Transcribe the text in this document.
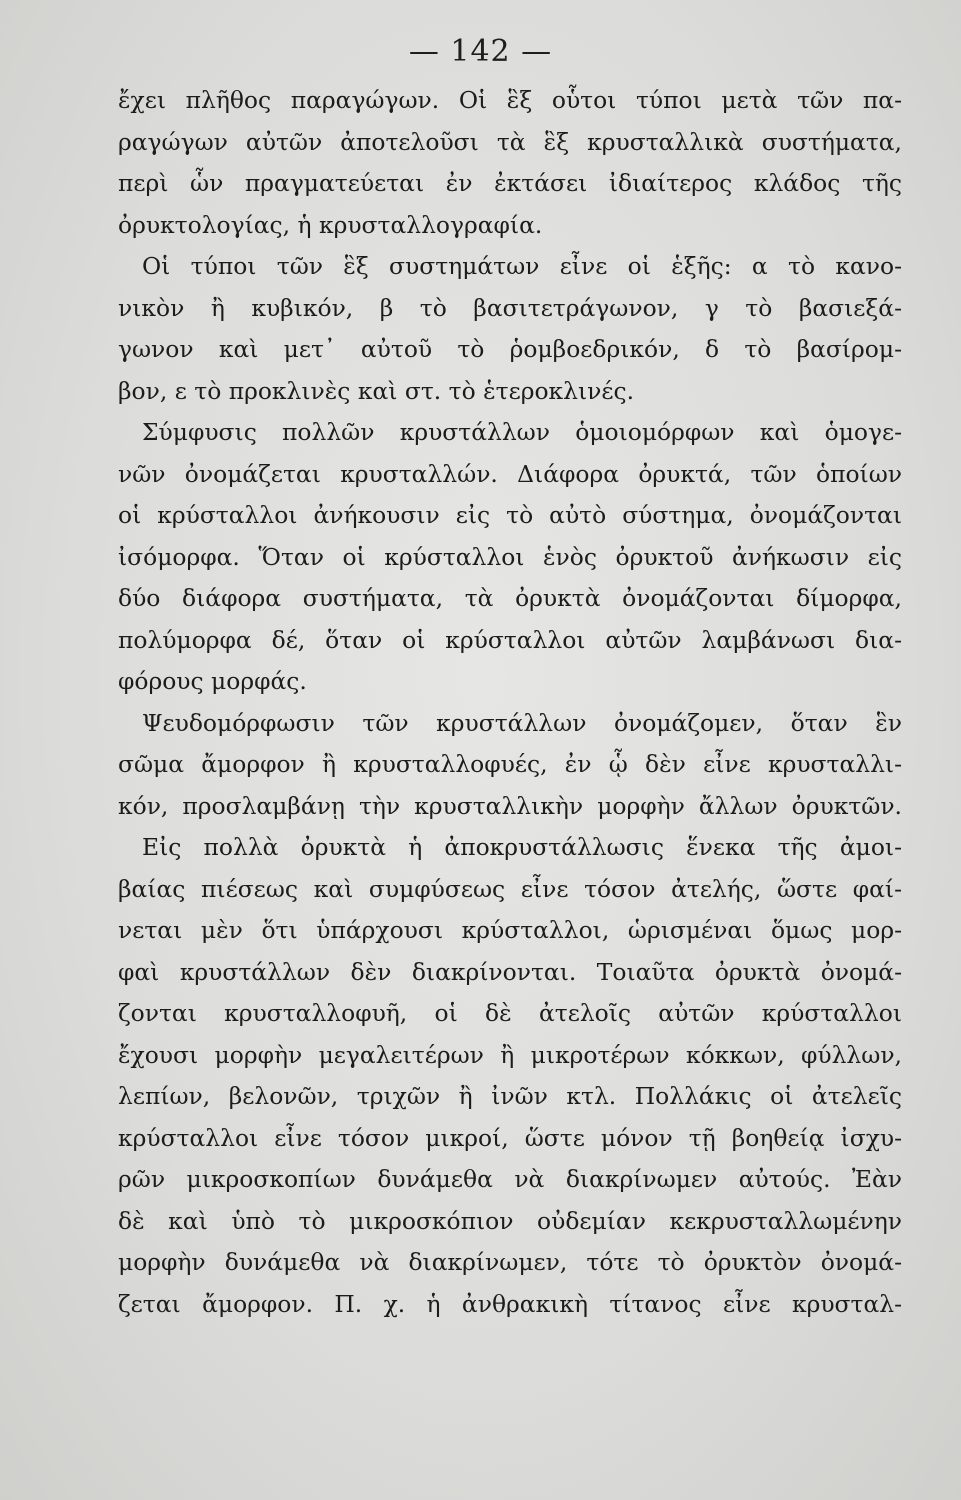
— 142 —
ἔχει πλῆθος παραγώγων. Οἱ ἓξ οὗτοι τύποι μετὰ τῶν πα-
ραγώγων αὐτῶν ἀποτελοῦσι τὰ ἓξ κρυσταλλικὰ συστήματα,
περὶ ὧν πραγματεύεται ἐν ἐκτάσει ἰδιαίτερος κλάδος τῆς
ὀρυκτολογίας, ἡ κρυσταλλογραφία.
Οἱ τύποι τῶν ἓξ συστημάτων εἶνε οἱ ἑξῆς: α τὸ κανο-
νικὸν ἢ κυβικόν, β τὸ βασιτετράγωνον, γ τὸ βασιεξά-
γωνον καὶ μετ᾽ αὐτοῦ τὸ ῥομβοεδρικόν, δ τὸ βασίρομ-
βον, ε τὸ προκλινὲς καὶ στ. τὸ ἑτεροκλινές.
Σύμφυσις πολλῶν κρυστάλλων ὁμοιομόρφων καὶ ὁμογε-
νῶν ὀνομάζεται κρυσταλλών. Διάφορα ὀρυκτά, τῶν ὁποίων
οἱ κρύσταλλοι ἀνήκουσιν εἰς τὸ αὐτὸ σύστημα, ὀνομάζονται
ἰσόμορφα. Ὅταν οἱ κρύσταλλοι ἑνὸς ὀρυκτοῦ ἀνήκωσιν εἰς
δύο διάφορα συστήματα, τὰ ὀρυκτὰ ὀνομάζονται δίμορφα,
πολύμορφα δέ, ὅταν οἱ κρύσταλλοι αὐτῶν λαμβάνωσι δια-
φόρους μορφάς.
Ψευδομόρφωσιν τῶν κρυστάλλων ὀνομάζομεν, ὅταν ἓν
σῶμα ἄμορφον ἢ κρυσταλλοφυές, ἐν ᾧ δὲν εἶνε κρυσταλλι-
κόν, προσλαμβάνῃ τὴν κρυσταλλικὴν μορφὴν ἄλλων ὀρυκτῶν.
Εἰς πολλὰ ὀρυκτὰ ἡ ἀποκρυστάλλωσις ἕνεκα τῆς ἀμοι-
βαίας πιέσεως καὶ συμφύσεως εἶνε τόσον ἀτελής, ὥστε φαί-
νεται μὲν ὅτι ὑπάρχουσι κρύσταλλοι, ὡρισμέναι ὅμως μορ-
φαὶ κρυστάλλων δὲν διακρίνονται. Τοιαῦτα ὀρυκτὰ ὀνομά-
ζονται κρυσταλλοφυῆ, οἱ δὲ ἀτελοῖς αὐτῶν κρύσταλλοι
ἔχουσι μορφὴν μεγαλειτέρων ἢ μικροτέρων κόκκων, φύλλων,
λεπίων, βελονῶν, τριχῶν ἢ ἰνῶν κτλ. Πολλάκις οἱ ἀτελεῖς
κρύσταλλοι εἶνε τόσον μικροί, ὥστε μόνον τῇ βοηθείᾳ ἰσχυ-
ρῶν μικροσκοπίων δυνάμεθα νὰ διακρίνωμεν αὐτούς. Ἐὰν
δὲ καὶ ὑπὸ τὸ μικροσκόπιον οὐδεμίαν κεκρυσταλλωμένην
μορφὴν δυνάμεθα νὰ διακρίνωμεν, τότε τὸ ὀρυκτὸν ὀνομά-
ζεται ἄμορφον. Π. χ. ἡ ἀνθρακικὴ τίτανος εἶνε κρυσταλ-
